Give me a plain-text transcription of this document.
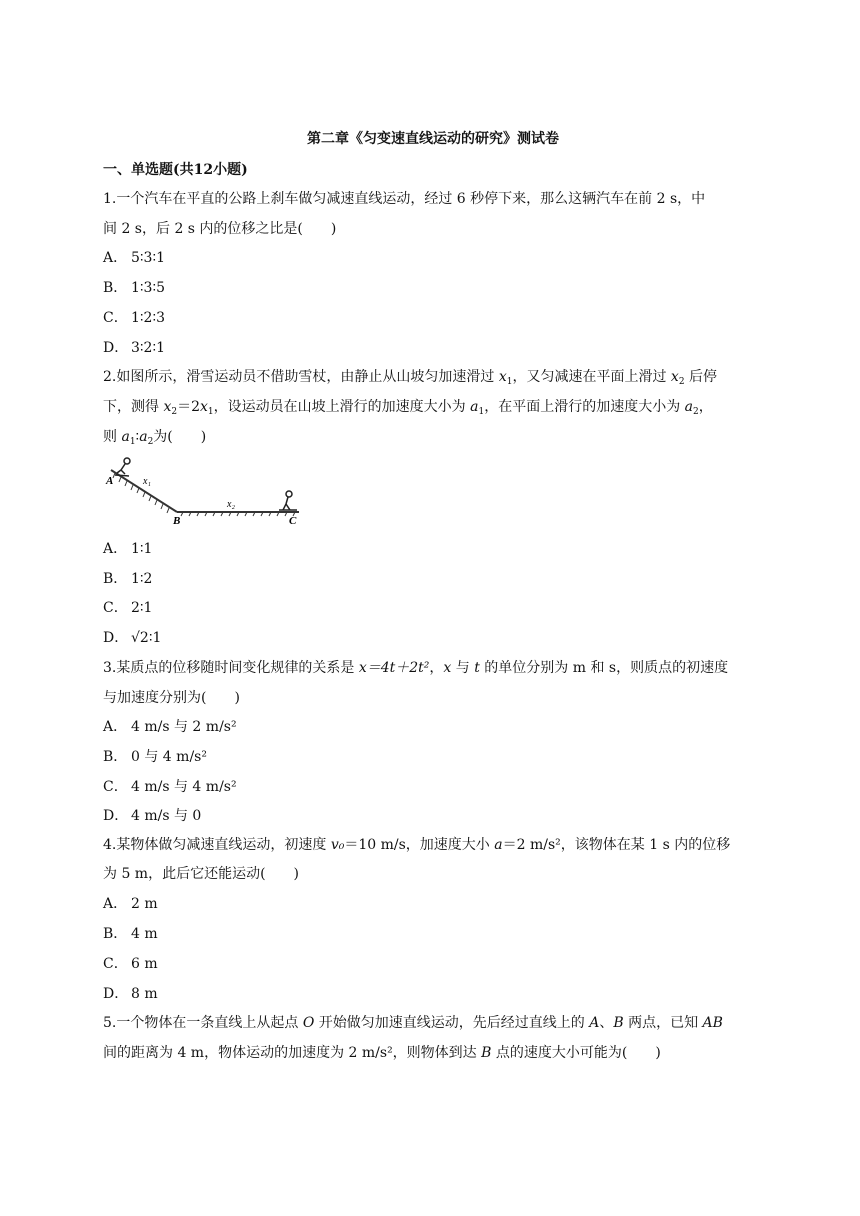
第二章《匀变速直线运动的研究》测试卷
一、单选题(共12小题)
1.一个汽车在平直的公路上刹车做匀减速直线运动，经过 6 秒停下来，那么这辆汽车在前 2 s，中
间 2 s，后 2 s 内的位移之比是(　　)
A． 5∶3∶1
B． 1∶3∶5
C． 1∶2∶3
D． 3∶2∶1
2.如图所示，滑雪运动员不借助雪杖，由静止从山坡匀加速滑过 $x_1$，又匀减速在平面上滑过 $x_2$ 后停
下，测得 $x_2=2x_1$，设运动员在山坡上滑行的加速度大小为 $a_1$，在平面上滑行的加速度大小为 $a_2$，
则 $a_1∶a_2$为(　　)
A． 1∶1
B． 1∶2
C． 2∶1
D． √2∶1
3.某质点的位移随时间变化规律的关系是 x＝4t＋2t²，x 与 t 的单位分别为 m 和 s，则质点的初速度
与加速度分别为(　　)
A． 4 m/s 与 2 m/s²
B． 0 与 4 m/s²
C． 4 m/s 与 4 m/s²
D． 4 m/s 与 0
4.某物体做匀减速直线运动，初速度 v₀＝10 m/s，加速度大小 a＝2 m/s²，该物体在某 1 s 内的位移
为 5 m，此后它还能运动(　　)
A． 2 m
B． 4 m
C． 6 m
D． 8 m
5.一个物体在一条直线上从起点 O 开始做匀加速直线运动，先后经过直线上的 A、B 两点，已知 AB
间的距离为 4 m，物体运动的加速度为 2 m/s²，则物体到达 B 点的速度大小可能为(　　)
A	x₁
B
x₂
C
